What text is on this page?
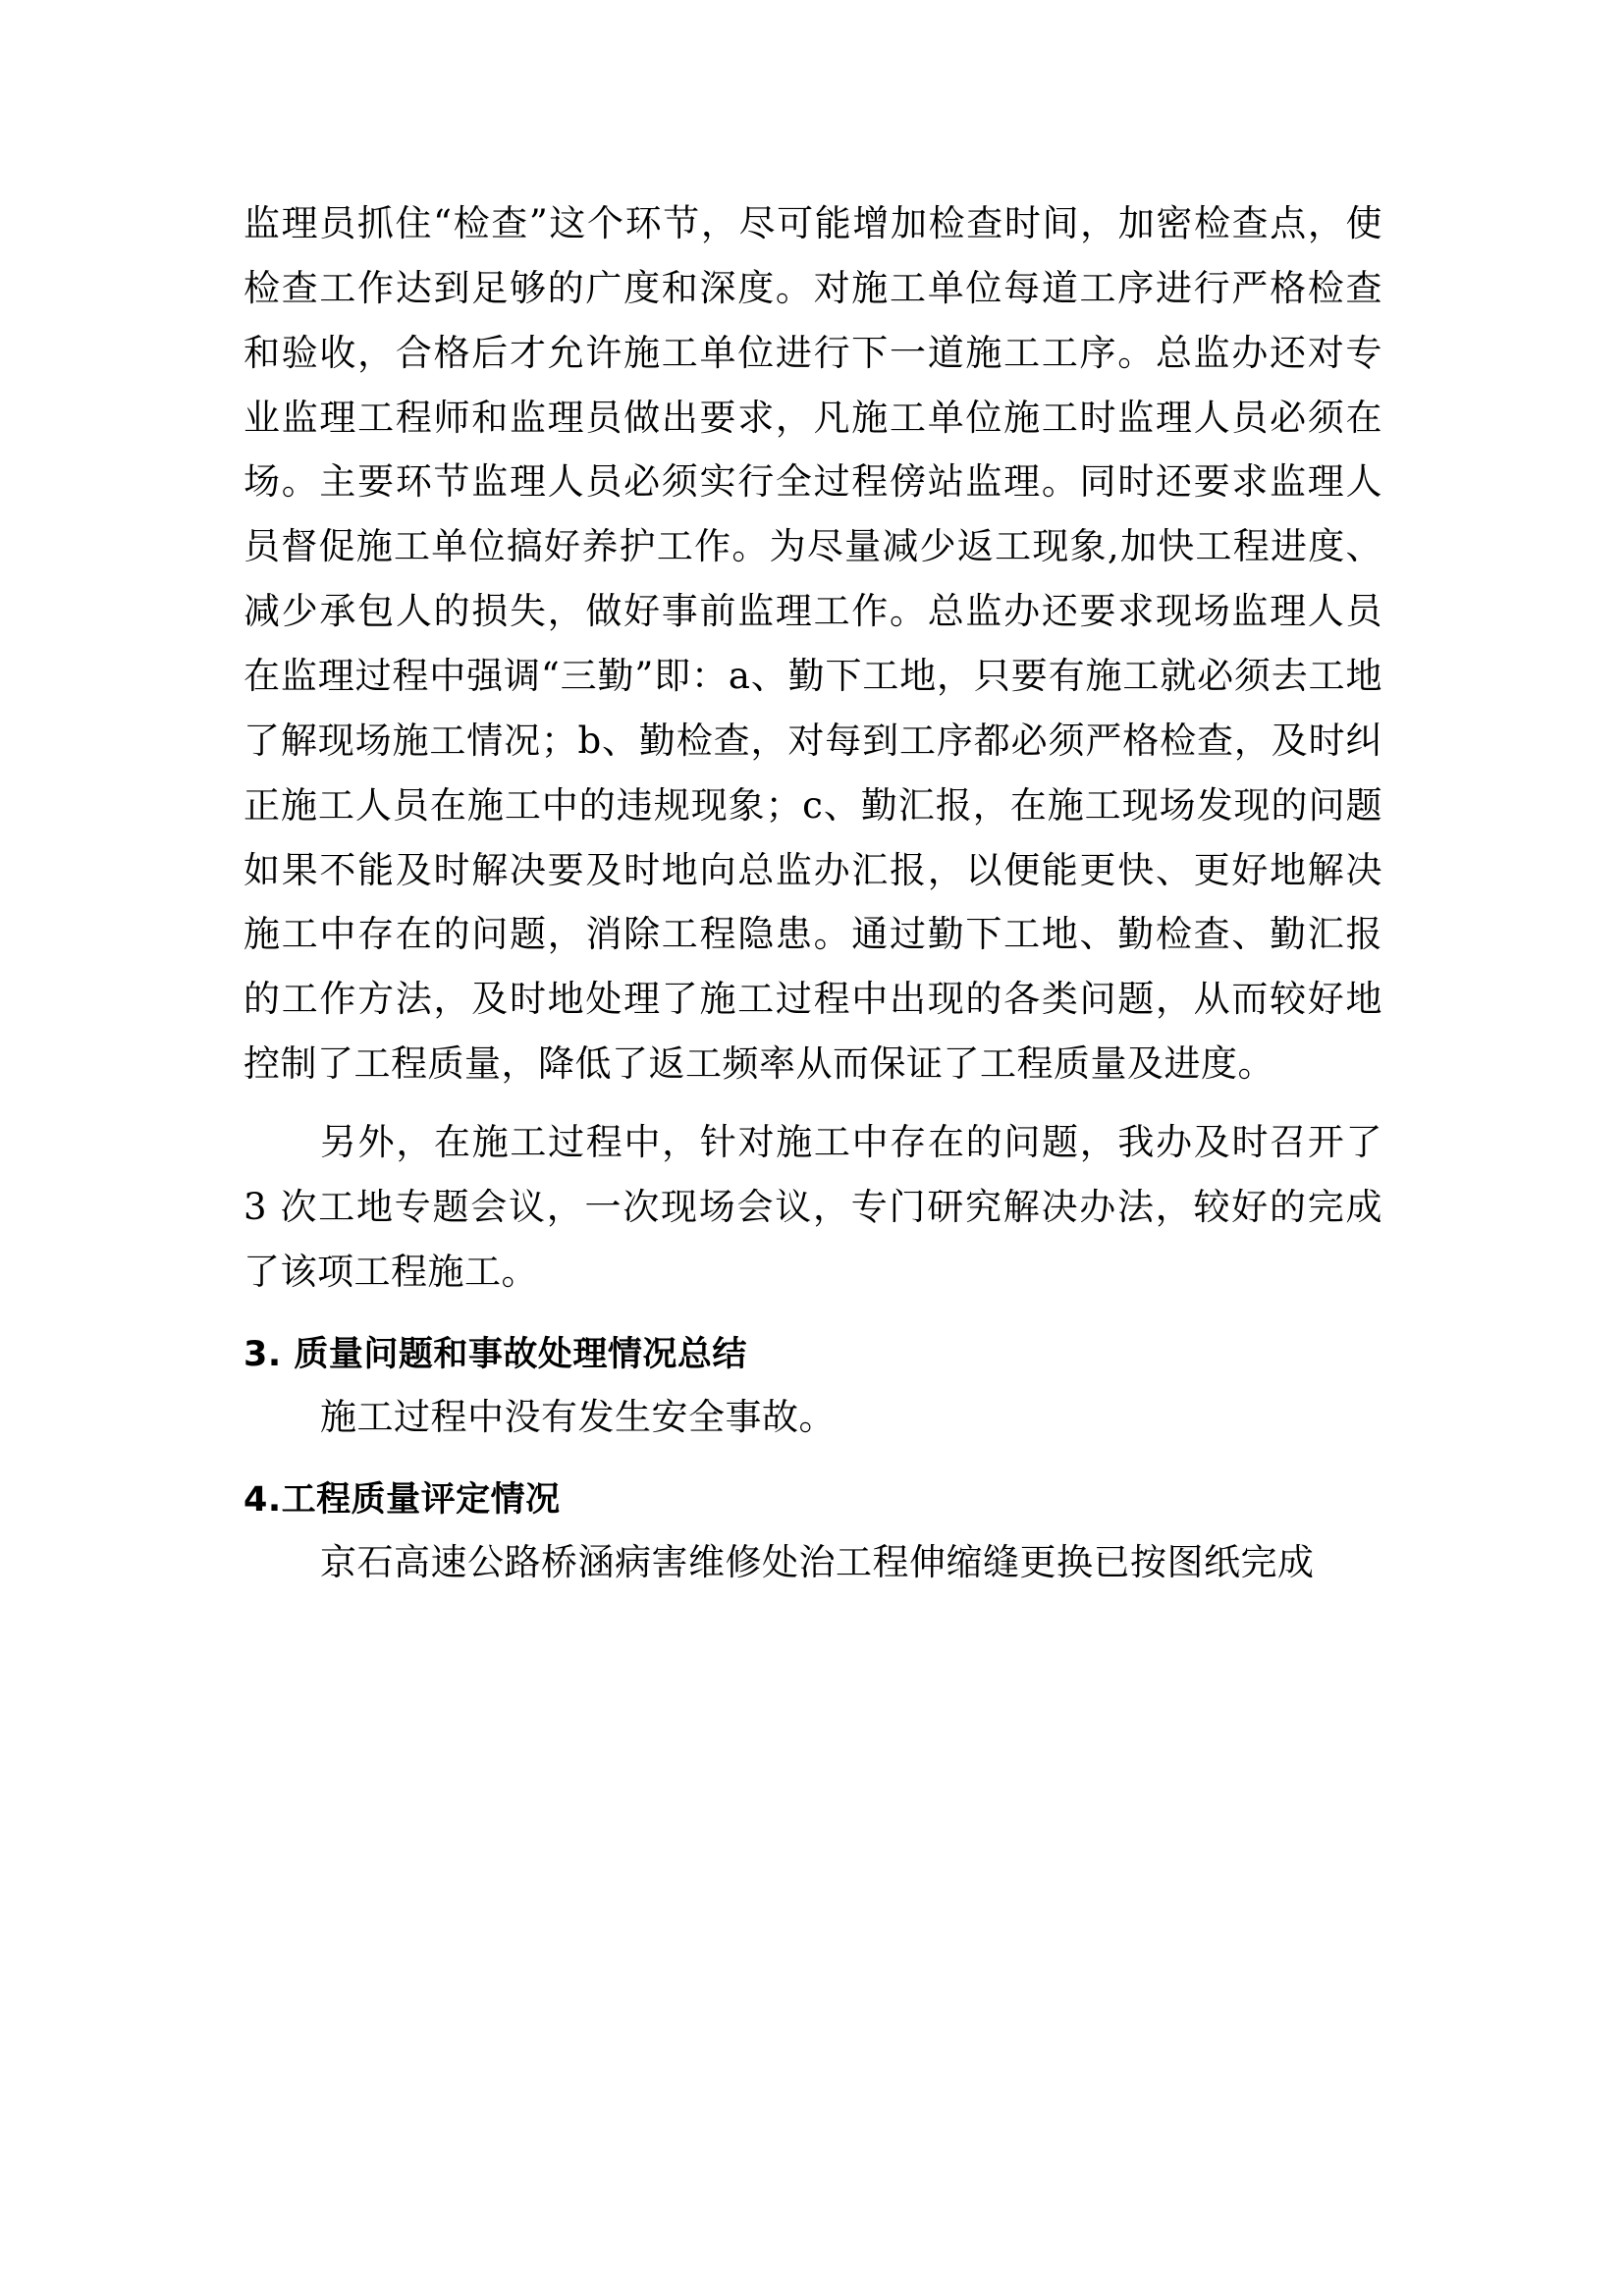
监理员抓住“检查”这个环节，尽可能增加检查时间，加密检查点，使检查工作达到足够的广度和深度。对施工单位每道工序进行严格检查和验收，合格后才允许施工单位进行下一道施工工序。总监办还对专业监理工程师和监理员做出要求，凡施工单位施工时监理人员必须在场。主要环节监理人员必须实行全过程傍站监理。同时还要求监理人员督促施工单位搞好养护工作。为尽量减少返工现象,加快工程进度、减少承包人的损失，做好事前监理工作。总监办还要求现场监理人员在监理过程中强调“三勤”即：a、勤下工地，只要有施工就必须去工地了解现场施工情况；b、勤检查，对每到工序都必须严格检查，及时纠正施工人员在施工中的违规现象；c、勤汇报，在施工现场发现的问题如果不能及时解决要及时地向总监办汇报，以便能更快、更好地解决施工中存在的问题，消除工程隐患。通过勤下工地、勤检查、勤汇报的工作方法，及时地处理了施工过程中出现的各类问题，从而较好地控制了工程质量，降低了返工频率从而保证了工程质量及进度。

另外，在施工过程中，针对施工中存在的问题，我办及时召开了 3 次工地专题会议，一次现场会议，专门研究解决办法，较好的完成了该项工程施工。

3. 质量问题和事故处理情况总结

施工过程中没有发生安全事故。

4.工程质量评定情况

京石高速公路桥涵病害维修处治工程伸缩缝更换已按图纸完成
